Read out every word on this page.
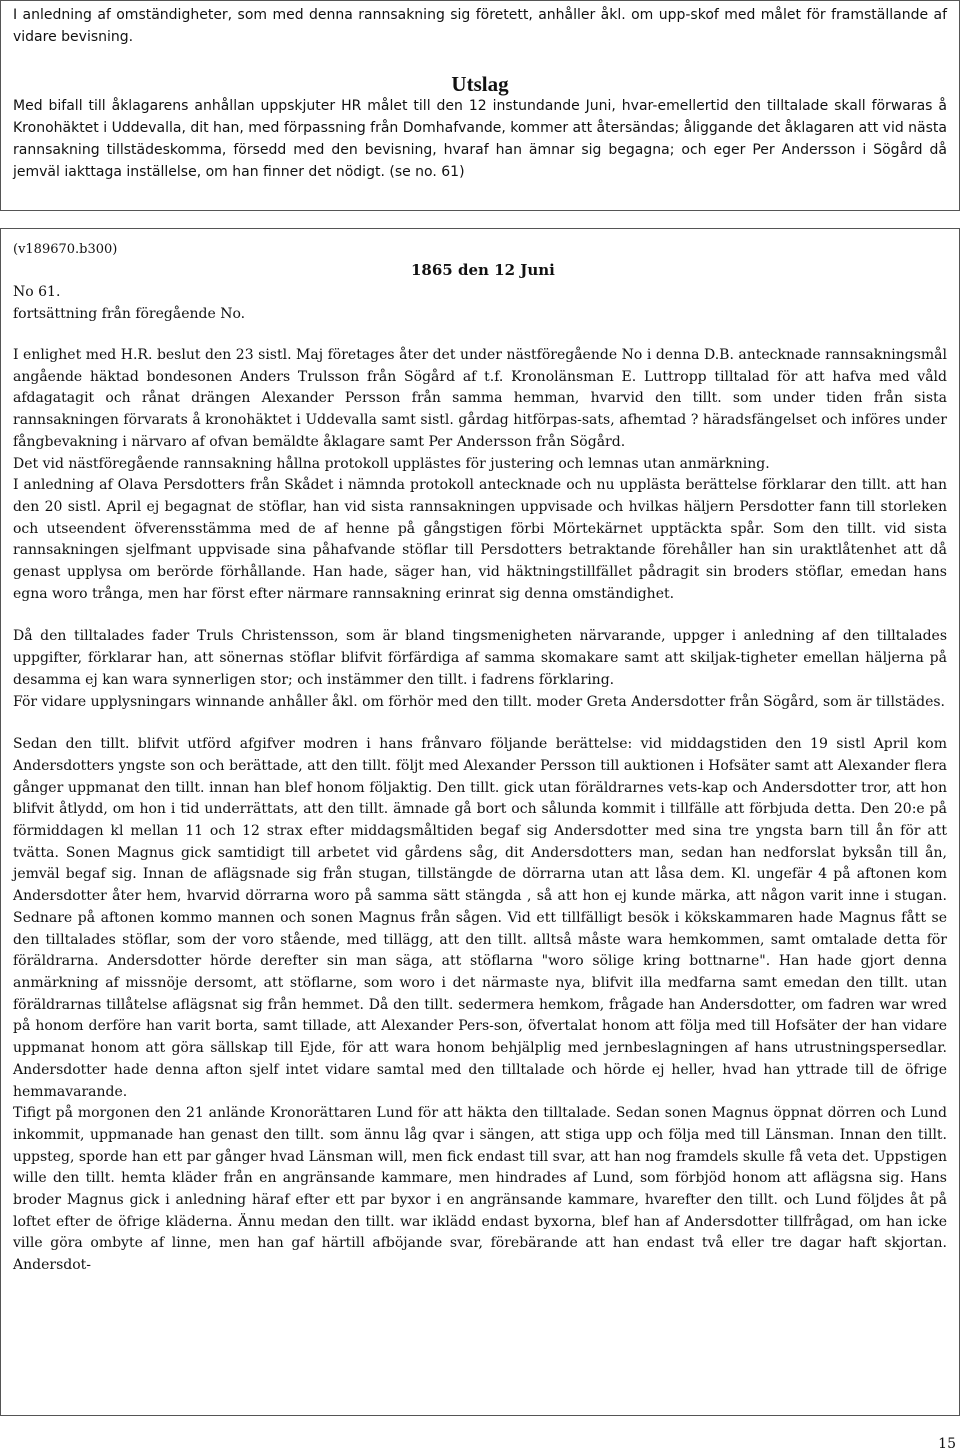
I anledning af omständigheter, som med denna rannsakning sig företett, anhåller åkl. om upp-skof med målet för framställande af vidare bevisning.

Utslag

Med bifall till åklagarens anhållan uppskjuter HR målet till den 12 instundande Juni, hvar-emellertid den tilltalade skall förwaras å Kronohäktet i Uddevalla, dit han, med förpassning från Domhafvande, kommer att återsändas; åliggande det åklagaren att vid nästa rannsakning tillstädeskomma, försedd med den bevisning, hvaraf han ämnar sig begagna; och eger Per Andersson i Sögård då jemväl iakttaga inställelse, om han finner det nödigt. (se no. 61)

(v189670.b300)
1865 den 12 Juni
No 61.
fortsättning från föregående No.

I enlighet med H.R. beslut den 23 sistl. Maj företages åter det under nästföregående No i denna D.B. antecknade rannsakningsmål angående häktad bondesonen Anders Trulsson från Sögård af t.f. Kronolänsman E. Luttropp tilltalad för att hafva med våld afdagatagit och rånat drängen Alexander Persson från samma hemman, hvarvid den tillt. som under tiden från sista rannsakningen förvarats å kronohäktet i Uddevalla samt sistl. gårdag hitförpas-sats, afhemtad ? häradsfängelset och införes under fångbevakning i närvaro af ofvan bemäldte åklagare samt Per Andersson från Sögård.

Det vid nästföregående rannsakning hållna protokoll upplästes för justering och lemnas utan anmärkning.

I anledning af Olava Persdotters från Skådet i nämnda protokoll antecknade och nu upplästa berättelse förklarar den tillt. att han den 20 sistl. April ej begagnat de stöflar, han vid sista rannsakningen uppvisade och hvilkas häljern Persdotter fann till storleken och utseendent öfverensstämma med de af henne på gångstigen förbi Mörtekärnet upptäckta spår. Som den tillt. vid sista rannsakningen sjelfmant uppvisade sina påhafvande stöflar till Persdotters betraktande förehåller han sin uraktlåtenhet att då genast upplysa om berörde förhållande. Han hade, säger han, vid häktningstillfället pådragit sin broders stöflar, emedan hans egna woro trånga, men har först efter närmare rannsakning erinrat sig denna omständighet.

Då den tilltalades fader Truls Christensson, som är bland tingsmenigheten närvarande, uppger i anledning af den tilltalades uppgifter, förklarar han, att sönernas stöflar blifvit förfärdiga af samma skomakare samt att skiljak-tigheter emellan häljerna på desamma ej kan wara synnerligen stor; och instämmer den tillt. i fadrens förklaring.

För vidare upplysningars winnande anhåller åkl. om förhör med den tillt. moder Greta Andersdotter från Sögård, som är tillstädes.

Sedan den tillt. blifvit utförd afgifver modren i hans frånvaro följande berättelse: vid middagstiden den 19 sistl April kom Andersdotters yngste son och berättade, att den tillt. följt med Alexander Persson till auktionen i Hofsäter samt att Alexander flera gånger uppmanat den tillt. innan han blef honom följaktig. Den tillt. gick utan föräldrarnes vets-kap och Andersdotter tror, att hon blifvit åtlydd, om hon i tid underrättats, att den tillt. ämnade gå bort och sålunda kommit i tillfälle att förbjuda detta. Den 20:e på förmiddagen kl mellan 11 och 12 strax efter middagsmåltiden begaf sig Andersdotter med sina tre yngsta barn till ån för att tvätta. Sonen Magnus gick samtidigt till arbetet vid gårdens såg, dit Andersdotters man, sedan han nedforslat byksån till ån, jemväl begaf sig. Innan de aflägsnade sig från stugan, tillstängde de dörrarna utan att låsa dem. Kl. ungefär 4 på aftonen kom Andersdotter åter hem, hvarvid dörrarna woro på samma sätt stängda , så att hon ej kunde märka, att någon varit inne i stugan. Sednare på aftonen kommo mannen och sonen Magnus från sågen. Vid ett tillfälligt besök i kökskammaren hade Magnus fått se den tilltalades stöflar, som der voro stående, med tillägg, att den tillt. alltså måste wara hemkommen, samt omtalade detta för föräldrarna. Andersdotter hörde derefter sin man säga, att stöflarna "woro sölige kring bottnarne". Han hade gjort denna anmärkning af missnöje dersomt, att stöflarne, som woro i det närmaste nya, blifvit illa medfarna samt emedan den tillt. utan föräldrarnas tillåtelse aflägsnat sig från hemmet. Då den tillt. sedermera hemkom, frågade han Andersdotter, om fadren war wred på honom derföre han varit borta, samt tillade, att Alexander Pers-son, öfvertalat honom att följa med till Hofsäter der han vidare uppmanat honom att göra sällskap till Ejde, för att wara honom behjälplig med jernbeslagningen af hans utrustningspersedlar. Andersdotter hade denna afton sjelf intet vidare samtal med den tilltalade och hörde ej heller, hvad han yttrade till de öfrige hemmavarande.

Tifigt på morgonen den 21 anlände Kronorättaren Lund för att häkta den tilltalade. Sedan sonen Magnus öppnat dörren och Lund inkommit, uppmanade han genast den tillt. som ännu låg qvar i sängen, att stiga upp och följa med till Länsman. Innan den tillt. uppsteg, sporde han ett par gånger hvad Länsman will, men fick endast till svar, att han nog framdels skulle få veta det. Uppstigen wille den tillt. hemta kläder från en angränsande kammare, men hindrades af Lund, som förbjöd honom att aflägsna sig. Hans broder Magnus gick i anledning häraf efter ett par byxor i en angränsande kammare, hvarefter den tillt. och Lund följdes åt på loftet efter de öfrige kläderna. Ännu medan den tillt. war iklädd endast byxorna, blef han af Andersdotter tillfrågad, om han icke ville göra ombyte af linne, men han gaf härtill afböjande svar, förebärande att han endast två eller tre dagar haft skjortan. Andersdot-

15
